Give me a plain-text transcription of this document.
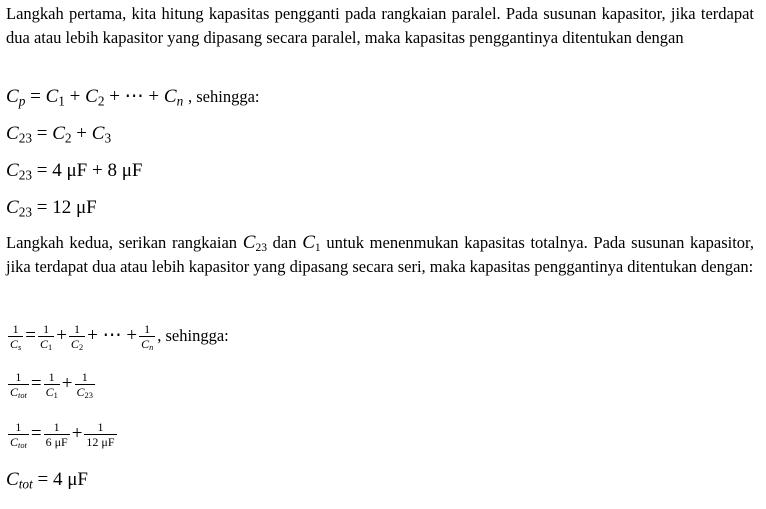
Langkah pertama, kita hitung kapasitas pengganti pada rangkaian paralel. Pada susunan kapasitor, jika terdapat dua atau lebih kapasitor yang dipasang secara paralel, maka kapasitas penggantinya ditentukan dengan
$C_p = C_1 + C_2$ + ⋯ + $C_n$ , sehingga:
$C_{23} = C_2 + C_3$
$C_{23} = 4$ μF + 8 μF
$C_{23} = 12$ μF
Langkah kedua, serikan rangkaian $C_{23}$ dan $C_1$ untuk menenmukan kapasitas totalnya. Pada susunan kapasitor, jika terdapat dua atau lebih kapasitor yang dipasang secara seri, maka kapasitas penggantinya ditentukan dengan:
$\frac{1}{C_s} = \frac{1}{C_1} + \frac{1}{C_2}$ + ⋯ + $\frac{1}{C_n}$ , sehingga:
$\frac{1}{C_{tot}} = \frac{1}{C_1} + \frac{1}{C_{23}}$
$\frac{1}{C_{tot}} = \frac{1}{6 \mu F} + \frac{1}{12 \mu F}$
$C_{tot} = 4$ μF
